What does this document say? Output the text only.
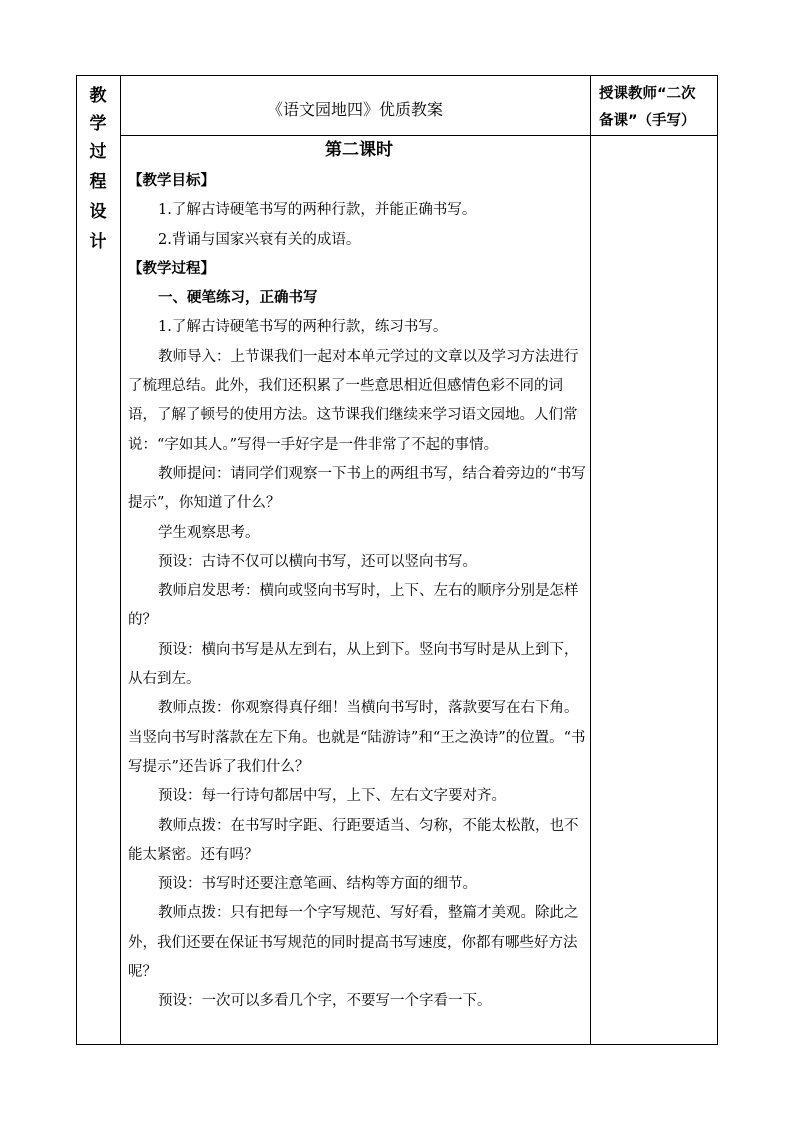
教
学
过
程
设
计
《语文园地四》优质教案
授课教师“二次
备课”（手写）
第二课时

【教学目标】

1.了解古诗硬笔书写的两种行款，并能正确书写。

2.背诵与国家兴衰有关的成语。

【教学过程】

一、硬笔练习，正确书写

1.了解古诗硬笔书写的两种行款，练习书写。

教师导入：上节课我们一起对本单元学过的文章以及学习方法进行了梳理总结。此外，我们还积累了一些意思相近但感情色彩不同的词语，了解了顿号的使用方法。这节课我们继续来学习语文园地。人们常说：“字如其人。”写得一手好字是一件非常了不起的事情。

教师提问：请同学们观察一下书上的两组书写，结合着旁边的“书写提示”，你知道了什么？

学生观察思考。

预设：古诗不仅可以横向书写，还可以竖向书写。

教师启发思考：横向或竖向书写时，上下、左右的顺序分别是怎样的？

预设：横向书写是从左到右，从上到下。竖向书写时是从上到下，从右到左。

教师点拨：你观察得真仔细！当横向书写时，落款要写在右下角。当竖向书写时落款在左下角。也就是“陆游诗”和“王之涣诗”的位置。“书写提示”还告诉了我们什么？

预设：每一行诗句都居中写，上下、左右文字要对齐。

教师点拨：在书写时字距、行距要适当、匀称，不能太松散，也不能太紧密。还有吗？

预设：书写时还要注意笔画、结构等方面的细节。

教师点拨：只有把每一个字写规范、写好看，整篇才美观。除此之外，我们还要在保证书写规范的同时提高书写速度，你都有哪些好方法呢？

预设：一次可以多看几个字，不要写一个字看一下。
